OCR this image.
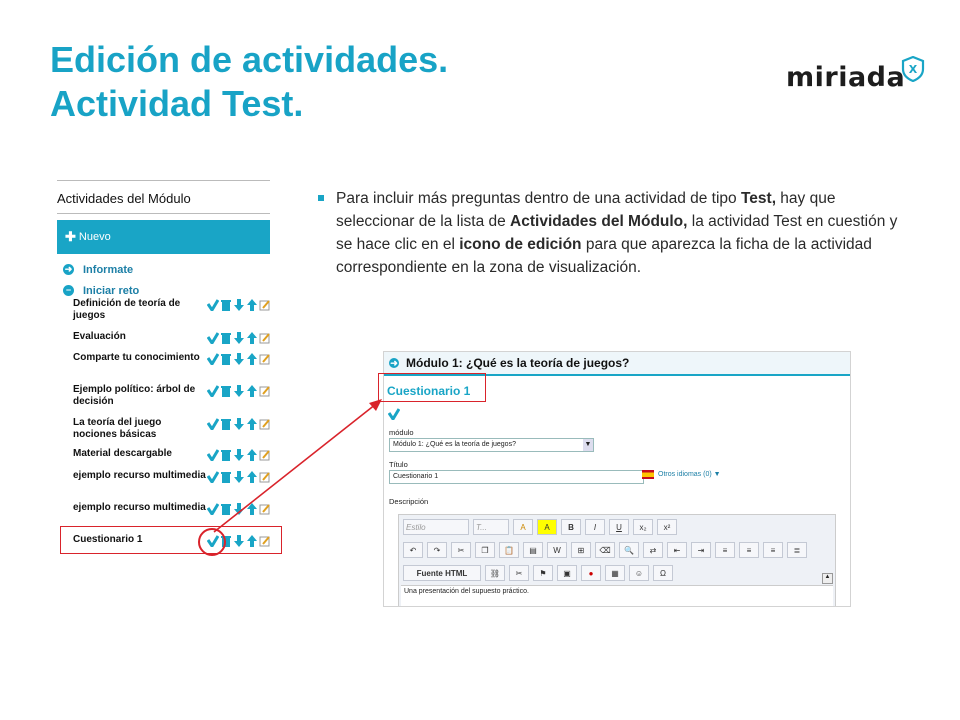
Edición de actividades.
Actividad Test.
miriada X
Actividades del Módulo
✚ Nuevo
➜ Informate
− Iniciar reto
Definición de teoría de juegos
Evaluación
Comparte tu conocimiento
Ejemplo político: árbol de decisión
La teoría del juego nociones básicas
Material descargable
ejemplo recurso multimedia
ejemplo recurso multimedia
Cuestionario 1

Para incluir más preguntas dentro de una actividad de tipo Test, hay que seleccionar de la lista de Actividades del Módulo, la actividad Test en cuestión y se hace clic en el icono de edición para que aparezca la ficha de la actividad correspondiente en la zona de visualización.

➜ Módulo 1: ¿Qué es la teoría de juegos?
Cuestionario 1
módulo
Módulo 1: ¿Qué es la teoría de juegos?	▼
Título
Cuestionario 1	Otros idiomas (0) ▼
Descripción
Estilo	T...	A	A	B	I	U	x₂	x²
↶	↷	✂	❐	📋	▤	W	⊞	⌫	🔍	⇄	⇤	⇥	≡	≡	≡	≣
Fuente HTML	⛓	✂	⚑	▣	●	▦	☺	Ω	▲
Una presentación del supuesto práctico.
